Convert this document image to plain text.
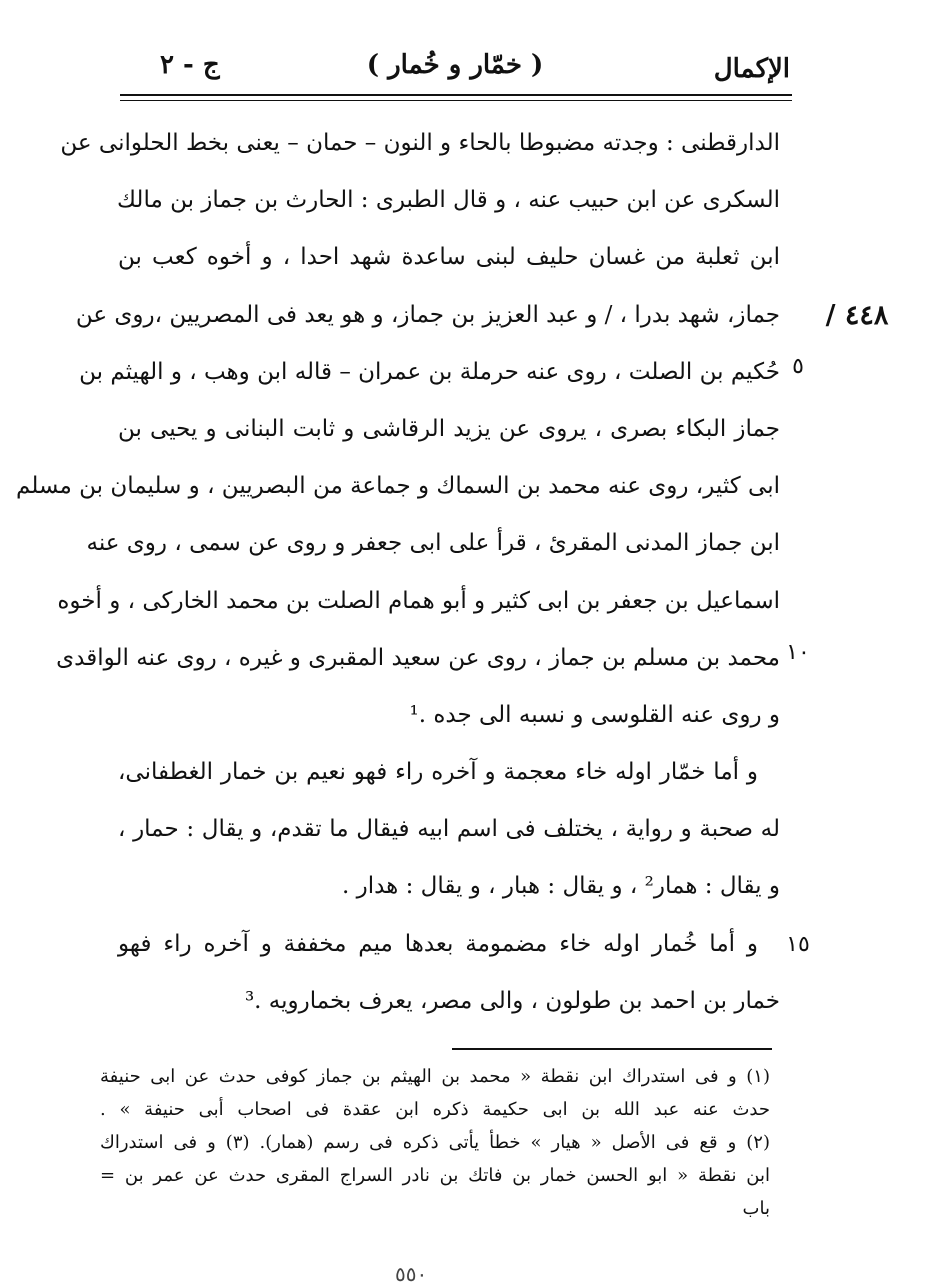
الإكمال
( خمّار و خُمار )
ج - ٢
٤٤٨ /
٥
١٠
١٥
الدارقطنى : وجدته مضبوطا بالحاء و النون – حمان – يعنى بخط الحلوانى عن
السكرى عن ابن حبيب عنه ، و قال الطبرى : الحارث بن جماز بن مالك
ابن ثعلبة من غسان حليف لبنى ساعدة شهد احدا ، و أخوه كعب بن
جماز، شهد بدرا ، / و عبد العزيز بن جماز، و هو يعد فى المصريين ،روى عن
حُكيم بن الصلت ، روى عنه حرملة بن عمران – قاله ابن وهب ، و الهيثم بن
جماز البكاء بصرى ، يروى عن يزيد الرقاشى و ثابت البنانى و يحيى بن
ابى كثير، روى عنه محمد بن السماك و جماعة من البصريين ، و سليمان بن مسلم
ابن جماز المدنى المقرئ ، قرأ على ابى جعفر و روى عن سمى ، روى عنه
اسماعيل بن جعفر بن ابى كثير و أبو همام الصلت بن محمد الخاركى ، و أخوه
محمد بن مسلم بن جماز ، روى عن سعيد المقبرى و غيره ، روى عنه الواقدى
و روى عنه القلوسى و نسبه الى جده .¹
و أما خمّار اوله خاء معجمة و آخره راء فهو نعيم بن خمار الغطفانى،
له صحبة و رواية ، يختلف فى اسم ابيه فيقال ما تقدم، و يقال : حمار ،
و يقال : همار² ، و يقال : هبار ، و يقال : هدار .
و أما خُمار اوله خاء مضمومة بعدها ميم مخففة و آخره راء فهو
خمار بن احمد بن طولون ، والى مصر، يعرف بخمارويه .³
(١) و فى استدراك ابن نقطة « محمد بن الهيثم بن جماز كوفى حدث عن ابى حنيفة
حدث عنه عبد الله بن ابى حكيمة ذكره ابن عقدة فى اصحاب أبى حنيفة » .
(٢) و قع فى الأصل « هيار » خطأ يأتى ذكره فى رسم (همار). (٣) و فى استدراك
ابن نقطة « ابو الحسن خمار بن فاتك بن نادر السراج المقرى حدث عن عمر بن =
باب
٥٥٠
